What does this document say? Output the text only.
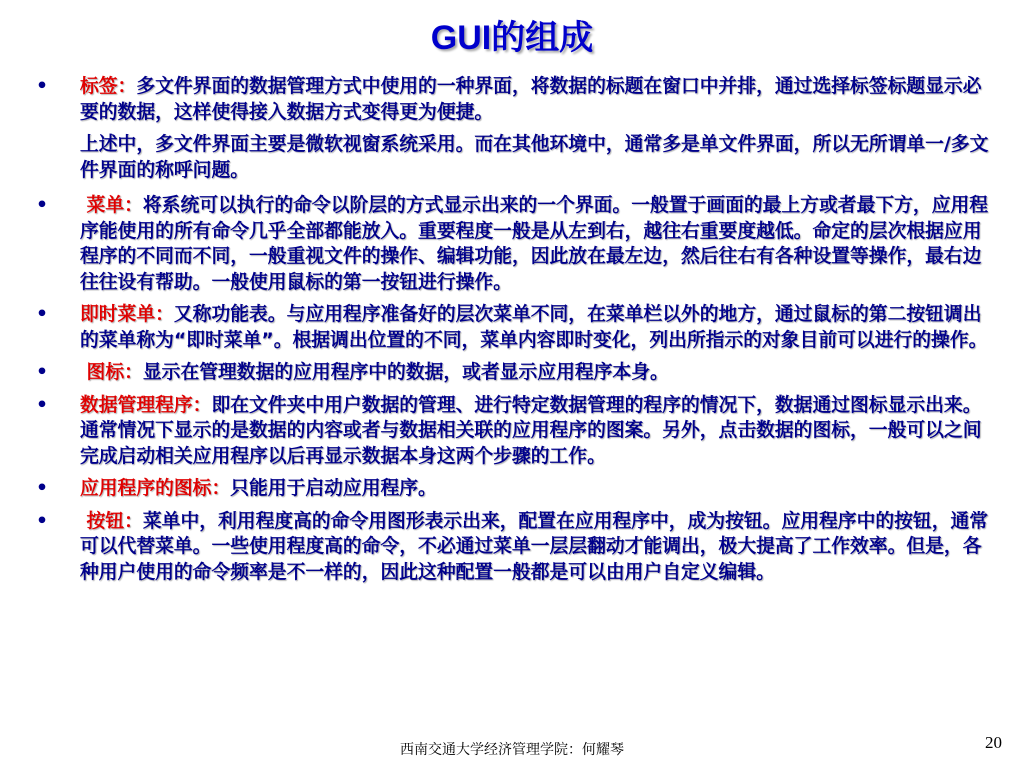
GUI的组成
• 标签：多文件界面的数据管理方式中使用的一种界面，将数据的标题在窗口中并排，通过选择标签标题显示必要的数据，这样使得接入数据方式变得更为便捷。
上述中，多文件界面主要是微软视窗系统采用。而在其他环境中，通常多是单文件界面，所以无所谓单一/多文件界面的称呼问题。
• 菜单：将系统可以执行的命令以阶层的方式显示出来的一个界面。一般置于画面的最上方或者最下方，应用程序能使用的所有命令几乎全部都能放入。重要程度一般是从左到右，越往右重要度越低。命定的层次根据应用程序的不同而不同，一般重视文件的操作、编辑功能，因此放在最左边，然后往右有各种设置等操作，最右边往往设有帮助。一般使用鼠标的第一按钮进行操作。
• 即时菜单：又称功能表。与应用程序准备好的层次菜单不同，在菜单栏以外的地方，通过鼠标的第二按钮调出的菜单称为“即时菜单”。根据调出位置的不同，菜单内容即时变化，列出所指示的对象目前可以进行的操作。
• 图标：显示在管理数据的应用程序中的数据，或者显示应用程序本身。
• 数据管理程序：即在文件夹中用户数据的管理、进行特定数据管理的程序的情况下，数据通过图标显示出来。通常情况下显示的是数据的内容或者与数据相关联的应用程序的图案。另外，点击数据的图标，一般可以之间完成启动相关应用程序以后再显示数据本身这两个步骤的工作。
• 应用程序的图标：只能用于启动应用程序。
• 按钮：菜单中，利用程度高的命令用图形表示出来，配置在应用程序中，成为按钮。应用程序中的按钮，通常可以代替菜单。一些使用程度高的命令，不必通过菜单一层层翻动才能调出，极大提高了工作效率。但是，各种用户使用的命令频率是不一样的，因此这种配置一般都是可以由用户自定义编辑。
西南交通大学经济管理学院：何耀琴	20
